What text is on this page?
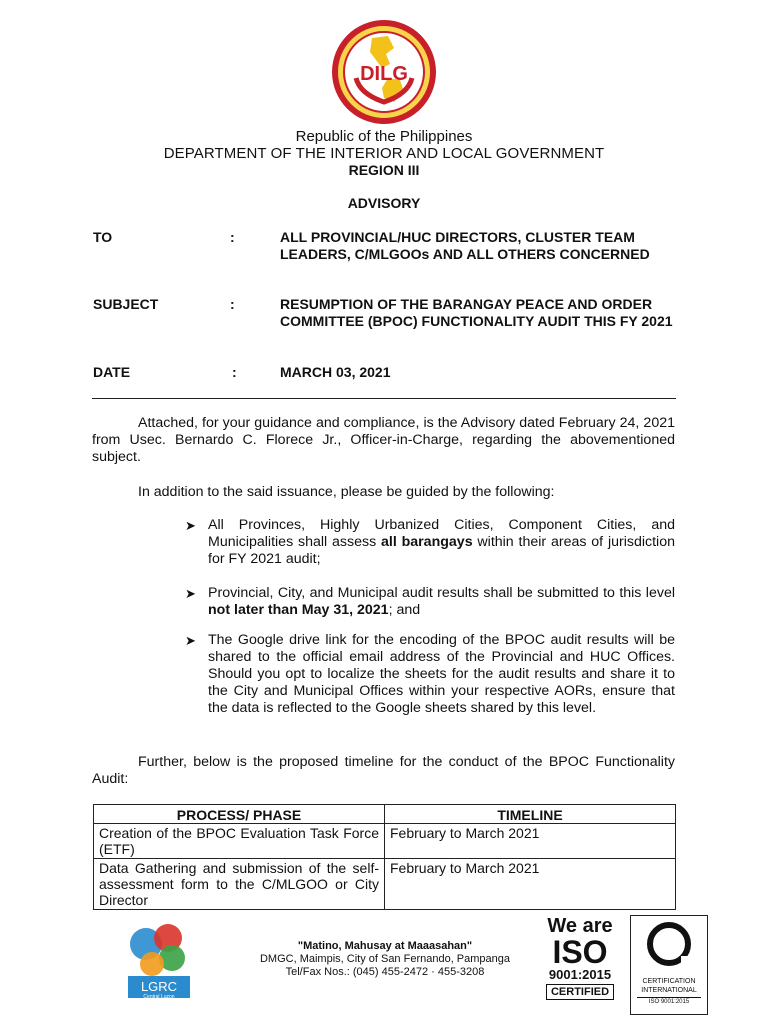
DILG
Republic of the Philippines
DEPARTMENT OF THE INTERIOR AND LOCAL GOVERNMENT
REGION III
ADVISORY
TO	:	ALL PROVINCIAL/HUC DIRECTORS, CLUSTER TEAM LEADERS, C/MLGOOs AND ALL OTHERS CONCERNED
SUBJECT	:	RESUMPTION OF THE BARANGAY PEACE AND ORDER COMMITTEE (BPOC) FUNCTIONALITY AUDIT THIS FY 2021
DATE	:	MARCH 03, 2021
Attached, for your guidance and compliance, is the Advisory dated February 24, 2021 from Usec. Bernardo C. Florece Jr., Officer-in-Charge, regarding the abovementioned subject.
In addition to the said issuance, please be guided by the following:
➤ All Provinces, Highly Urbanized Cities, Component Cities, and Municipalities shall assess all barangays within their areas of jurisdiction for FY 2021 audit;
➤ Provincial, City, and Municipal audit results shall be submitted to this level not later than May 31, 2021; and
➤ The Google drive link for the encoding of the BPOC audit results will be shared to the official email address of the Provincial and HUC Offices. Should you opt to localize the sheets for the audit results and share it to the City and Municipal Offices within your respective AORs, ensure that the data is reflected to the Google sheets shared by this level.
Further, below is the proposed timeline for the conduct of the BPOC Functionality Audit:
PROCESS/ PHASE	TIMELINE
Creation of the BPOC Evaluation Task Force (ETF)	February to March 2021
Data Gathering and submission of the self-assessment form to the C/MLGOO or City Director	February to March 2021
LGRC
Central Luzon
"Matino, Mahusay at Maaasahan"
DMGC, Maimpis, City of San Fernando, Pampanga
Tel/Fax Nos.: (045) 455-2472 · 455-3208
We are
ISO
9001:2015
CERTIFIED
CERTIFICATION
INTERNATIONAL
ISO 9001:2015
